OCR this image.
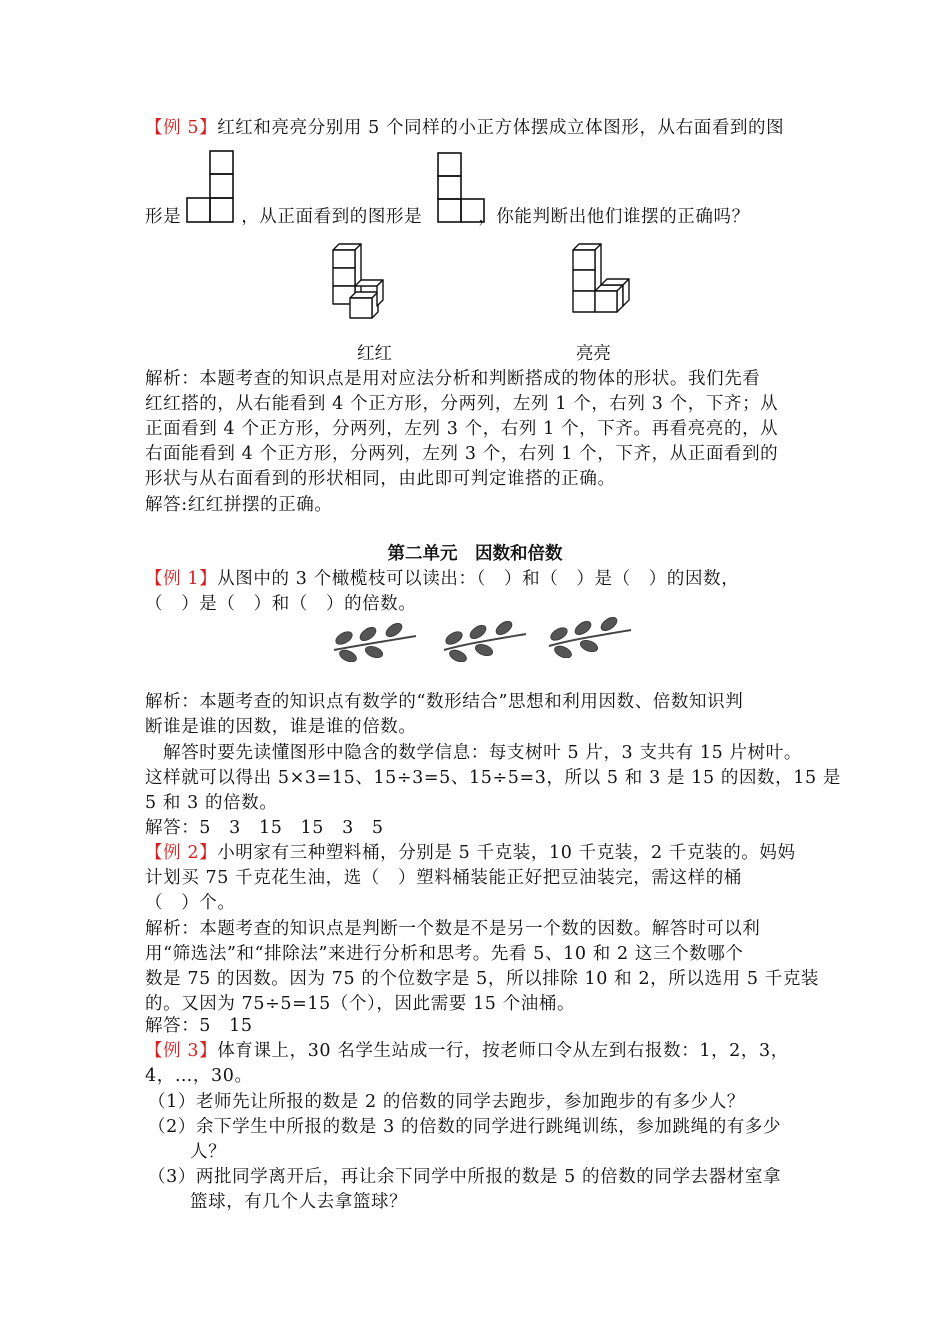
【例 5】红红和亮亮分别用 5 个同样的小正方体摆成立体图形，从右面看到的图
形是	，从正面看到的图形是	，你能判断出他们谁摆的正确吗？
红红	亮亮
解析：本题考查的知识点是用对应法分析和判断搭成的物体的形状。我们先看
红红搭的，从右能看到 4 个正方形，分两列，左列 1 个，右列 3 个，下齐；从
正面看到 4 个正方形，分两列，左列 3 个，右列 1 个，下齐。再看亮亮的，从
右面能看到 4 个正方形，分两列，左列 3 个，右列 1 个，下齐，从正面看到的
形状与从右面看到的形状相同，由此即可判定谁搭的正确。
解答:红红拼摆的正确。
第二单元　因数和倍数
【例 1】从图中的 3 个橄榄枝可以读出：（　）和（　）是（　）的因数，
（　）是（　）和（　）的倍数。
解析：本题考查的知识点有数学的“数形结合”思想和利用因数、倍数知识判
断谁是谁的因数，谁是谁的倍数。
　解答时要先读懂图形中隐含的数学信息：每支树叶 5 片，3 支共有 15 片树叶。
这样就可以得出 5×3=15、15÷3=5、15÷5=3，所以 5 和 3 是 15 的因数，15 是
5 和 3 的倍数。
解答：5　3　15　15　3　5
【例 2】小明家有三种塑料桶，分别是 5 千克装，10 千克装，2 千克装的。妈妈
计划买 75 千克花生油，选（　）塑料桶装能正好把豆油装完，需这样的桶
（　）个。
解析：本题考查的知识点是判断一个数是不是另一个数的因数。解答时可以利
用“筛选法”和“排除法”来进行分析和思考。先看 5、10 和 2 这三个数哪个
数是 75 的因数。因为 75 的个位数字是 5，所以排除 10 和 2，所以选用 5 千克装
的。又因为 75÷5=15（个），因此需要 15 个油桶。
解答：5　15
【例 3】体育课上，30 名学生站成一行，按老师口令从左到右报数：1，2，3，
4，…，30。
（1）老师先让所报的数是 2 的倍数的同学去跑步，参加跑步的有多少人？
（2）余下学生中所报的数是 3 的倍数的同学进行跳绳训练，参加跳绳的有多少
人？
（3）两批同学离开后，再让余下同学中所报的数是 5 的倍数的同学去器材室拿
篮球，有几个人去拿篮球？
